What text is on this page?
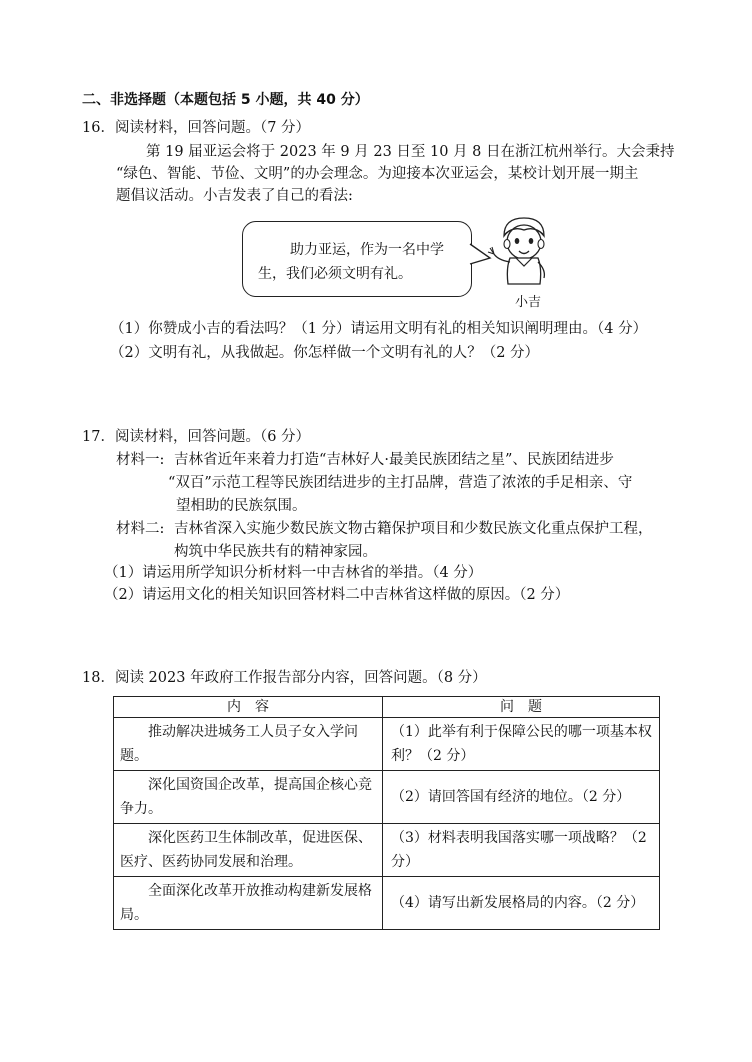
二、非选择题（本题包括 5 小题，共 40 分）
16．阅读材料，回答问题。（7 分）
第 19 届亚运会将于 2023 年 9 月 23 日至 10 月 8 日在浙江杭州举行。大会秉持
“绿色、智能、节俭、文明”的办会理念。为迎接本次亚运会，某校计划开展一期主
题倡议活动。小吉发表了自己的看法:
助力亚运，作为一名中学
生，我们必须文明有礼。
小吉
（1）你赞成小吉的看法吗？（1 分）请运用文明有礼的相关知识阐明理由。（4 分）
（2）文明有礼，从我做起。你怎样做一个文明有礼的人？（2 分）
17．阅读材料，回答问题。（6 分）
材料一: 吉林省近年来着力打造“吉林好人·最美民族团结之星”、民族团结进步
“双百”示范工程等民族团结进步的主打品牌，营造了浓浓的手足相亲、守
望相助的民族氛围。
材料二: 吉林省深入实施少数民族文物古籍保护项目和少数民族文化重点保护工程，
构筑中华民族共有的精神家园。
（1）请运用所学知识分析材料一中吉林省的举措。（4 分）
（2）请运用文化的相关知识回答材料二中吉林省这样做的原因。（2 分）
18．阅读 2023 年政府工作报告部分内容，回答问题。（8 分）
内　容	问　题
推动解决进城务工人员子女入学问题。	（1）此举有利于保障公民的哪一项基本权利？（2 分）
深化国资国企改革，提高国企核心竞争力。	（2）请回答国有经济的地位。（2 分）
深化医药卫生体制改革，促进医保、医疗、医药协同发展和治理。	（3）材料表明我国落实哪一项战略？（2 分）
全面深化改革开放推动构建新发展格局。	（4）请写出新发展格局的内容。（2 分）
